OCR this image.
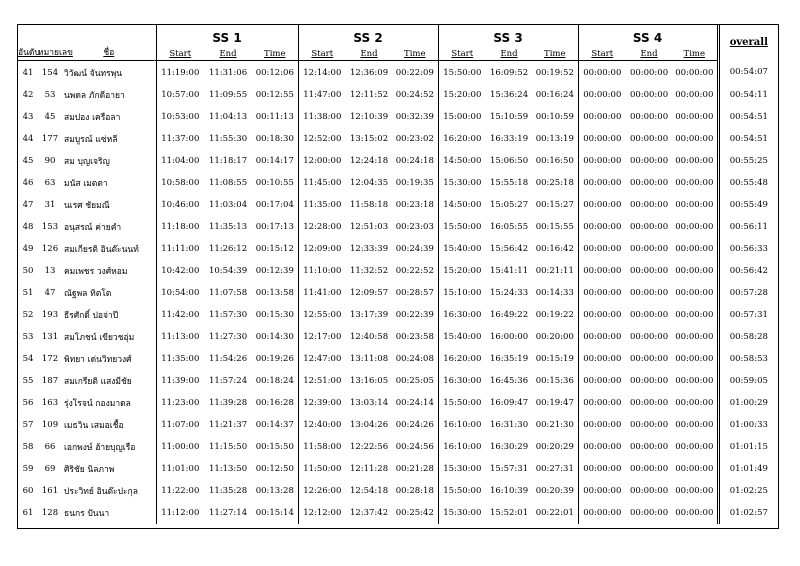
			SS 1			SS 2			SS 3			SS 4			overall
อันดับ	หมายเลข	ชื่อ	Start	End	Time	Start	End	Time	Start	End	Time	Start	End	Time	
41	154	วิวัฒน์ จันทรพุน	11:19:00	11:31:06	00:12:06	12:14:00	12:36:09	00:22:09	15:50:00	16:09:52	00:19:52	00:00:00	00:00:00	00:00:00	00:54:07
42	53	นพดล ภักดีอายา	10:57:00	11:09:55	00:12:55	11:47:00	12:11:52	00:24:52	15:20:00	15:36:24	00:16:24	00:00:00	00:00:00	00:00:00	00:54:11
43	45	สมปอง เครือลา	10:53:00	11:04:13	00:11:13	11:38:00	12:10:39	00:32:39	15:00:00	15:10:59	00:10:59	00:00:00	00:00:00	00:00:00	00:54:51
44	177	สมบูรณ์ แซ่หลี	11:37:00	11:55:30	00:18:30	12:52:00	13:15:02	00:23:02	16:20:00	16:33:19	00:13:19	00:00:00	00:00:00	00:00:00	00:54:51
45	90	สม บุญเจริญ	11:04:00	11:18:17	00:14:17	12:00:00	12:24:18	00:24:18	14:50:00	15:06:50	00:16:50	00:00:00	00:00:00	00:00:00	00:55:25
46	63	มนัส เมตตา	10:58:00	11:08:55	00:10:55	11:45:00	12:04:35	00:19:35	15:30:00	15:55:18	00:25:18	00:00:00	00:00:00	00:00:00	00:55:48
47	31	นเรศ ชัยมณี	10:46:00	11:03:04	00:17:04	11:35:00	11:58:18	00:23:18	14:50:00	15:05:27	00:15:27	00:00:00	00:00:00	00:00:00	00:55:49
48	153	อนุสรณ์ ค่ายคำ	11:18:00	11:35:13	00:17:13	12:28:00	12:51:03	00:23:03	15:50:00	16:05:55	00:15:55	00:00:00	00:00:00	00:00:00	00:56:11
49	126	สมเกียรติ อินต๊ะนนท์	11:11:00	11:26:12	00:15:12	12:09:00	12:33:39	00:24:39	15:40:00	15:56:42	00:16:42	00:00:00	00:00:00	00:00:00	00:56:33
50	13	คมเพชร วงศ์หอม	10:42:00	10:54:39	00:12:39	11:10:00	11:32:52	00:22:52	15:20:00	15:41:11	00:21:11	00:00:00	00:00:00	00:00:00	00:56:42
51	47	ณัฐพล ทิตโต	10:54:00	11:07:58	00:13:58	11:41:00	12:09:57	00:28:57	15:10:00	15:24:33	00:14:33	00:00:00	00:00:00	00:00:00	00:57:28
52	193	ธีรศักดิ์ ปอจ่าปี	11:42:00	11:57:30	00:15:30	12:55:00	13:17:39	00:22:39	16:30:00	16:49:22	00:19:22	00:00:00	00:00:00	00:00:00	00:57:31
53	131	สมโภชน์ เขียวชอุ่ม	11:13:00	11:27:30	00:14:30	12:17:00	12:40:58	00:23:58	15:40:00	16:00:00	00:20:00	00:00:00	00:00:00	00:00:00	00:58:28
54	172	พิทยา เด่นวิทยวงศ์	11:35:00	11:54:26	00:19:26	12:47:00	13:11:08	00:24:08	16:20:00	16:35:19	00:15:19	00:00:00	00:00:00	00:00:00	00:58:53
55	187	สมเกรียติ แสงมีชัย	11:39:00	11:57:24	00:18:24	12:51:00	13:16:05	00:25:05	16:30:00	16:45:36	00:15:36	00:00:00	00:00:00	00:00:00	00:59:05
56	163	รุ่งโรจน์ กองมาดล	11:23:00	11:39:28	00:16:28	12:39:00	13:03:14	00:24:14	15:50:00	16:09:47	00:19:47	00:00:00	00:00:00	00:00:00	01:00:29
57	109	เมธวิน เสมอเชื้อ	11:07:00	11:21:37	00:14:37	12:40:00	13:04:26	00:24:26	16:10:00	16:31:30	00:21:30	00:00:00	00:00:00	00:00:00	01:00:33
58	66	เอกพงษ์ ฮ้ายบุญเรือ	11:00:00	11:15:50	00:15:50	11:58:00	12:22:56	00:24:56	16:10:00	16:30:29	00:20:29	00:00:00	00:00:00	00:00:00	01:01:15
59	69	ศิริชัย นิลภาพ	11:01:00	11:13:50	00:12:50	11:50:00	12:11:28	00:21:28	15:30:00	15:57:31	00:27:31	00:00:00	00:00:00	00:00:00	01:01:49
60	161	ประวิทย์ อินต๊ะปะกุล	11:22:00	11:35:28	00:13:28	12:26:00	12:54:18	00:28:18	15:50:00	16:10:39	00:20:39	00:00:00	00:00:00	00:00:00	01:02:25
61	128	ธนกร ปันนา	11:12:00	11:27:14	00:15:14	12:12:00	12:37:42	00:25:42	15:30:00	15:52:01	00:22:01	00:00:00	00:00:00	00:00:00	01:02:57
